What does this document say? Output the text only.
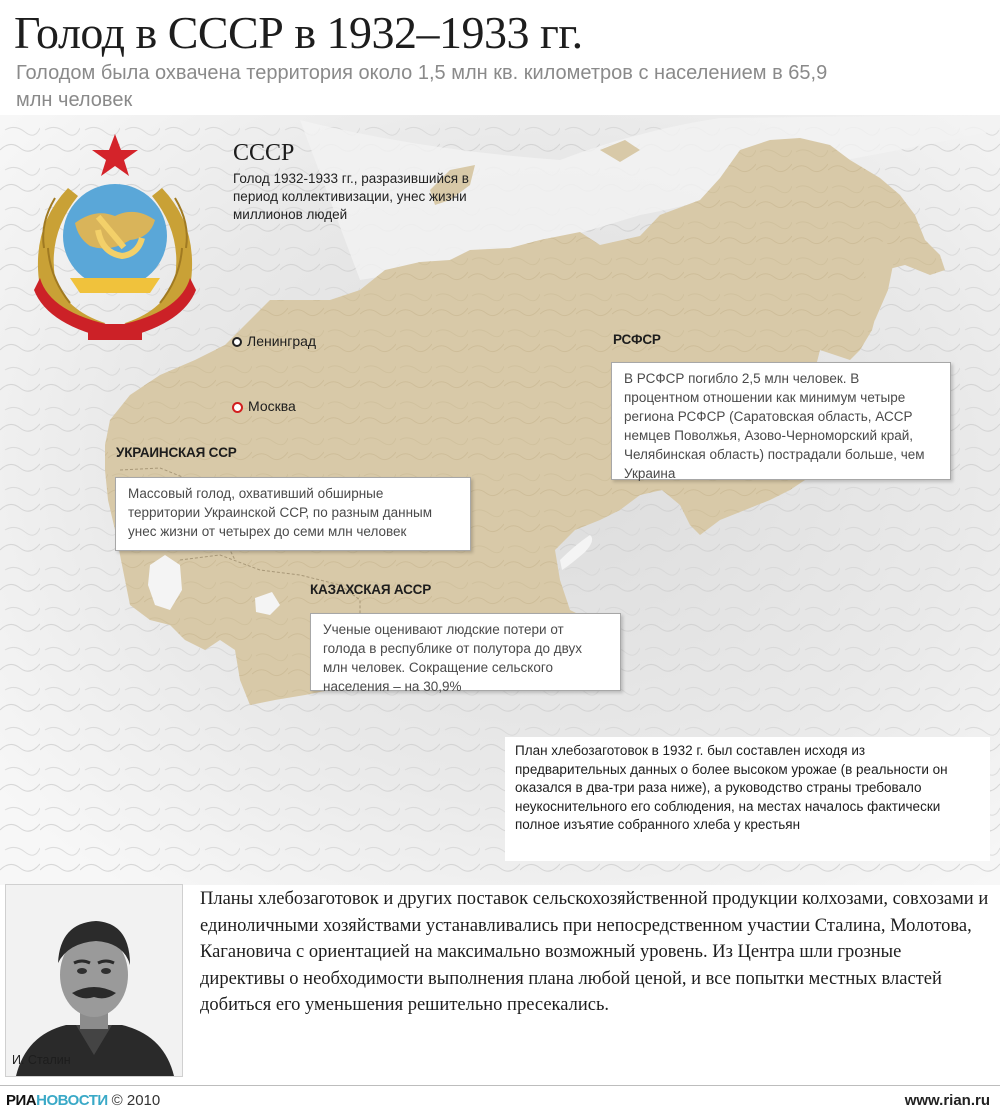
Голод в СССР в 1932–1933 гг.
Голодом была охвачена территория около 1,5 млн кв. километров с населением в 65,9 млн человек
СССР
Голод 1932-1933 гг., разразившийся в период коллективизации, унес жизни миллионов людей
Ленинград
Москва
УКРАИНСКАЯ ССР
Массовый голод, охвативший обширные территории Украинской ССР, по разным данным унес жизни от четырех до семи млн человек
РСФСР
В РСФСР погибло 2,5 млн человек. В процентном отношении как минимум четыре региона РСФСР (Саратовская область, АССР немцев Поволжья, Азово-Черноморский край, Челябинская область) пострадали больше, чем Украина
КАЗАХСКАЯ АССР
Ученые оценивают людские потери от голода в республике от полутора до двух млн человек. Сокращение сельского населения – на 30,9%
План хлебозаготовок в 1932 г. был составлен исходя из предварительных данных о более высоком урожае (в реальности он оказался в два-три раза ниже), а руководство страны требовало неукоснительного его соблюдения, на местах началось фактически полное изъятие собранного хлеба у крестьян
И. Сталин

Планы хлебозаготовок и других поставок сельскохозяйственной продукции колхозами, совхозами и единоличными хозяйствами устанавливались при непосредственном участии Сталина, Молотова, Кагановича с ориентацией на максимально возможный уровень. Из Центра шли грозные директивы о необходимости выполнения плана любой ценой, и все попытки местных властей добиться его уменьшения решительно пресекались.

РИАНОВОСТИ © 2010	www.rian.ru
